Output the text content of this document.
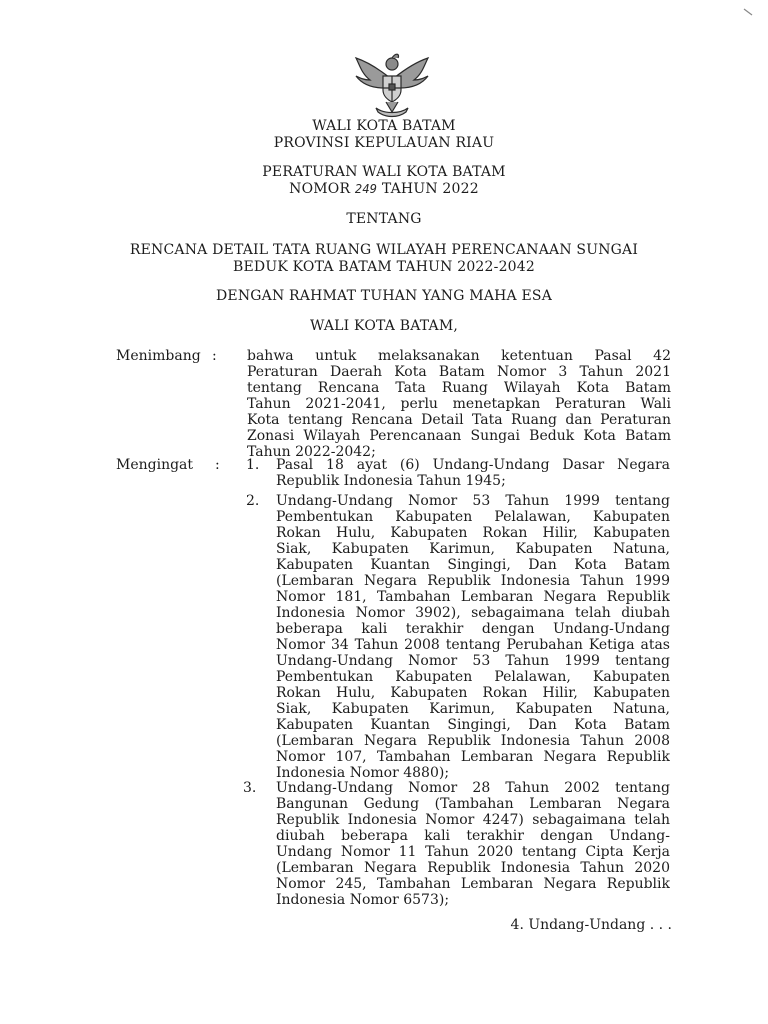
WALI KOTA BATAM
PROVINSI KEPULAUAN RIAU
PERATURAN WALI KOTA BATAM
NOMOR 249 TAHUN 2022
TENTANG
RENCANA DETAIL TATA RUANG WILAYAH PERENCANAAN SUNGAI
BEDUK KOTA BATAM TAHUN 2022-2042
DENGAN RAHMAT TUHAN YANG MAHA ESA
WALI KOTA BATAM,
Menimbang : bahwa untuk melaksanakan ketentuan Pasal 42
Peraturan Daerah Kota Batam Nomor 3 Tahun 2021
tentang Rencana Tata Ruang Wilayah Kota Batam
Tahun 2021-2041, perlu menetapkan Peraturan Wali
Kota tentang Rencana Detail Tata Ruang dan Peraturan
Zonasi Wilayah Perencanaan Sungai Beduk Kota Batam
Tahun 2022-2042;
Mengingat : 1. Pasal 18 ayat (6) Undang-Undang Dasar Negara
Republik Indonesia Tahun 1945;
2. Undang-Undang Nomor 53 Tahun 1999 tentang
Pembentukan Kabupaten Pelalawan, Kabupaten
Rokan Hulu, Kabupaten Rokan Hilir, Kabupaten
Siak, Kabupaten Karimun, Kabupaten Natuna,
Kabupaten Kuantan Singingi, Dan Kota Batam
(Lembaran Negara Republik Indonesia Tahun 1999
Nomor 181, Tambahan Lembaran Negara Republik
Indonesia Nomor 3902), sebagaimana telah diubah
beberapa kali terakhir dengan Undang-Undang
Nomor 34 Tahun 2008 tentang Perubahan Ketiga atas
Undang-Undang Nomor 53 Tahun 1999 tentang
Pembentukan Kabupaten Pelalawan, Kabupaten
Rokan Hulu, Kabupaten Rokan Hilir, Kabupaten
Siak, Kabupaten Karimun, Kabupaten Natuna,
Kabupaten Kuantan Singingi, Dan Kota Batam
(Lembaran Negara Republik Indonesia Tahun 2008
Nomor 107, Tambahan Lembaran Negara Republik
Indonesia Nomor 4880);
3. Undang-Undang Nomor 28 Tahun 2002 tentang
Bangunan Gedung (Tambahan Lembaran Negara
Republik Indonesia Nomor 4247) sebagaimana telah
diubah beberapa kali terakhir dengan Undang-
Undang Nomor 11 Tahun 2020 tentang Cipta Kerja
(Lembaran Negara Republik Indonesia Tahun 2020
Nomor 245, Tambahan Lembaran Negara Republik
Indonesia Nomor 6573);
4. Undang-Undang . . .
